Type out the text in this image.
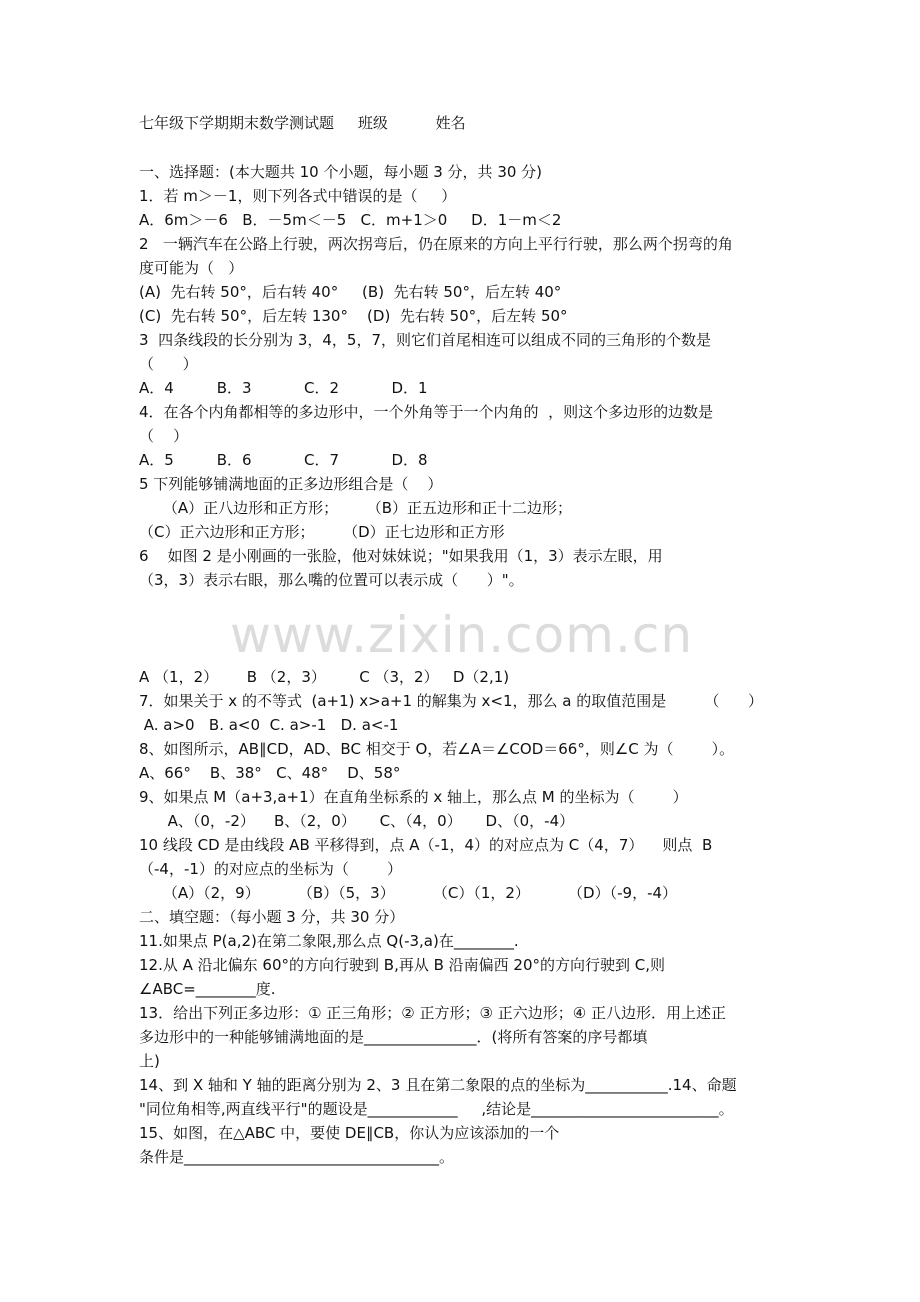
七年级下学期期末数学测试题 班级	姓名
一、选择题：(本大题共 10 个小题，每小题 3 分，共 30 分)
1．若 m＞－1，则下列各式中错误的是（     ）
A．6m＞－6   B．－5m＜－5   C．m+1＞0     D．1－m＜2
2   一辆汽车在公路上行驶，两次拐弯后，仍在原来的方向上平行行驶，那么两个拐弯的角
度可能为（   ）
(A)  先右转 50°，后右转 40°     (B)  先右转 50°，后左转 40°
(C)  先右转 50°，后左转 130°    (D)  先右转 50°，后左转 50°
3  四条线段的长分别为 3，4，5，7，则它们首尾相连可以组成不同的三角形的个数是
（      ）
A．4         B．3           C．2           D．1
4．在各个内角都相等的多边形中，一个外角等于一个内角的  ，则这个多边形的边数是
（    ）
A．5         B．6           C．7           D．8
5 下列能够铺满地面的正多边形组合是（    ）
（A）正八边形和正方形；      （B）正五边形和正十二边形；
（C）正六边形和正方形；      （D）正七边形和正方形
6    如图 2 是小刚画的一张脸，他对妹妹说；"如果我用（1，3）表示左眼，用
（3，3）表示右眼，那么嘴的位置可以表示成（      ）"。
www.zixin.com.cn
A （1，2）      B （2，3）       C （3，2）   D（2,1)
7．如果关于 x 的不等式  (a+1) x>a+1 的解集为 x<1，那么 a 的取值范围是        （      ）
A. a>0   B. a<0  C. a>-1   D. a<-1
8、如图所示，AB∥CD，AD、BC 相交于 O，若∠A＝∠COD＝66°，则∠C 为（        ）。
A、66°    B、38°   C、48°    D、58°
9、如果点 M（a+3,a+1）在直角坐标系的 x 轴上，那么点 M 的坐标为（        ）
A、（0，-2）    B、（2，0）     C、（4，0）     D、（0，-4）
10 线段 CD 是由线段 AB 平移得到，点 A（-1，4）的对应点为 C（4，7）    则点  B
（-4，-1）的对应点的坐标为（        ）
（A）（2，9）        （B）（5，3）        （C）（1，2）        （D）（-9，-4）
二、填空题：（每小题 3 分，共 30 分）
11.如果点 P(a,2)在第二象限,那么点 Q(-3,a)在________.
12.从 A 沿北偏东 60°的方向行驶到 B,再从 B 沿南偏西 20°的方向行驶到 C,则
∠ABC=________度.
13．给出下列正多边形：① 正三角形；② 正方形；③ 正六边形；④ 正八边形．用上述正
多边形中的一种能够铺满地面的是_______________．(将所有答案的序号都填
上)
14、到 X 轴和 Y 轴的距离分别为 2、3 且在第二象限的点的坐标为___________.14、命题
"同位角相等,两直线平行"的题设是____________     ,结论是_________________________。
15、如图，在△ABC 中，要使 DE∥CB，你认为应该添加的一个
条件是__________________________________。
